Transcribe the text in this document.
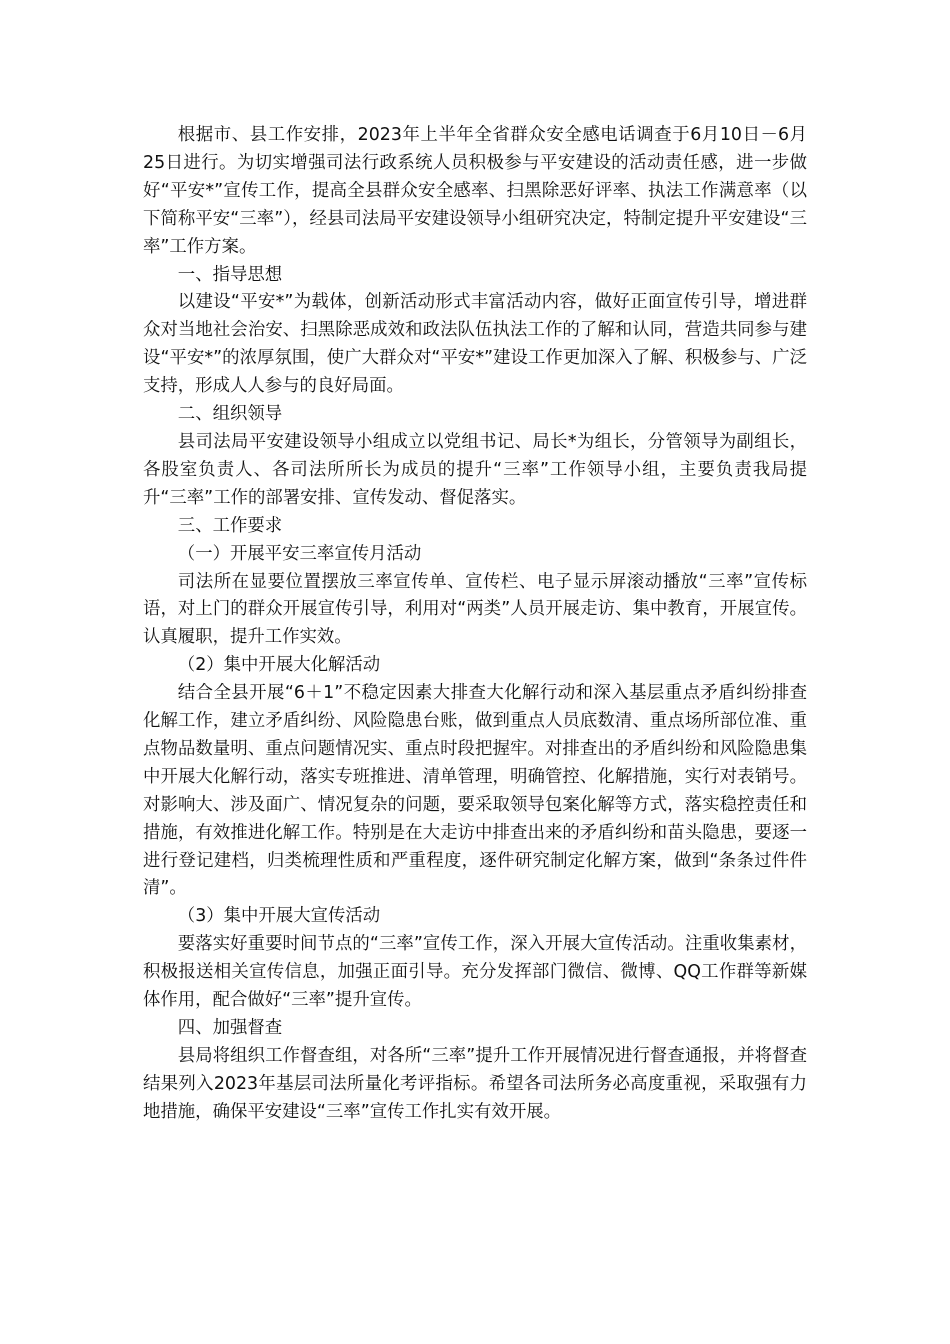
根据市、县工作安排，2023年上半年全省群众安全感电话调查于6月10日－6月25日进行。为切实增强司法行政系统人员积极参与平安建设的活动责任感，进一步做好“平安*”宣传工作，提高全县群众安全感率、扫黑除恶好评率、执法工作满意率（以下简称平安“三率”），经县司法局平安建设领导小组研究决定，特制定提升平安建设“三率”工作方案。

一、指导思想

以建设“平安*”为载体，创新活动形式丰富活动内容，做好正面宣传引导，增进群众对当地社会治安、扫黑除恶成效和政法队伍执法工作的了解和认同，营造共同参与建设“平安*”的浓厚氛围，使广大群众对“平安*”建设工作更加深入了解、积极参与、广泛支持，形成人人参与的良好局面。

二、组织领导

县司法局平安建设领导小组成立以党组书记、局长*为组长，分管领导为副组长，各股室负责人、各司法所所长为成员的提升“三率”工作领导小组，主要负责我局提升“三率”工作的部署安排、宣传发动、督促落实。

三、工作要求

（一）开展平安三率宣传月活动

司法所在显要位置摆放三率宣传单、宣传栏、电子显示屏滚动播放“三率”宣传标语，对上门的群众开展宣传引导，利用对“两类”人员开展走访、集中教育，开展宣传。认真履职，提升工作实效。

（2）集中开展大化解活动

结合全县开展“6＋1”不稳定因素大排查大化解行动和深入基层重点矛盾纠纷排查化解工作，建立矛盾纠纷、风险隐患台账，做到重点人员底数清、重点场所部位准、重点物品数量明、重点问题情况实、重点时段把握牢。对排查出的矛盾纠纷和风险隐患集中开展大化解行动，落实专班推进、清单管理，明确管控、化解措施，实行对表销号。对影响大、涉及面广、情况复杂的问题，要采取领导包案化解等方式，落实稳控责任和措施，有效推进化解工作。特别是在大走访中排查出来的矛盾纠纷和苗头隐患，要逐一进行登记建档，归类梳理性质和严重程度，逐件研究制定化解方案，做到“条条过件件清”。

（3）集中开展大宣传活动

要落实好重要时间节点的“三率”宣传工作，深入开展大宣传活动。注重收集素材，积极报送相关宣传信息，加强正面引导。充分发挥部门微信、微博、QQ工作群等新媒体作用，配合做好“三率”提升宣传。

四、加强督查

县局将组织工作督查组，对各所“三率”提升工作开展情况进行督查通报，并将督查结果列入2023年基层司法所量化考评指标。希望各司法所务必高度重视，采取强有力地措施，确保平安建设“三率”宣传工作扎实有效开展。
